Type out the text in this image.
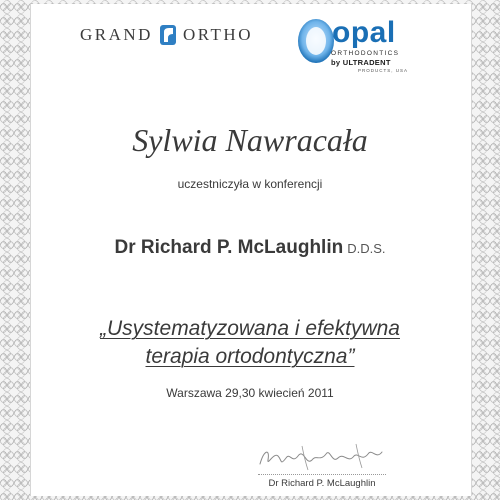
GRAND ORTHO	opal
ORTHODONTICS
by ULTRADENT
PRODUCTS, USA
Sylwia Nawracała
uczestniczyła w konferencji
Dr Richard P. McLaughlin D.D.S.
„Usystematyzowana i efektywna
terapia ortodontyczna”
Warszawa 29,30 kwiecień 2011
Dr Richard P. McLaughlin
